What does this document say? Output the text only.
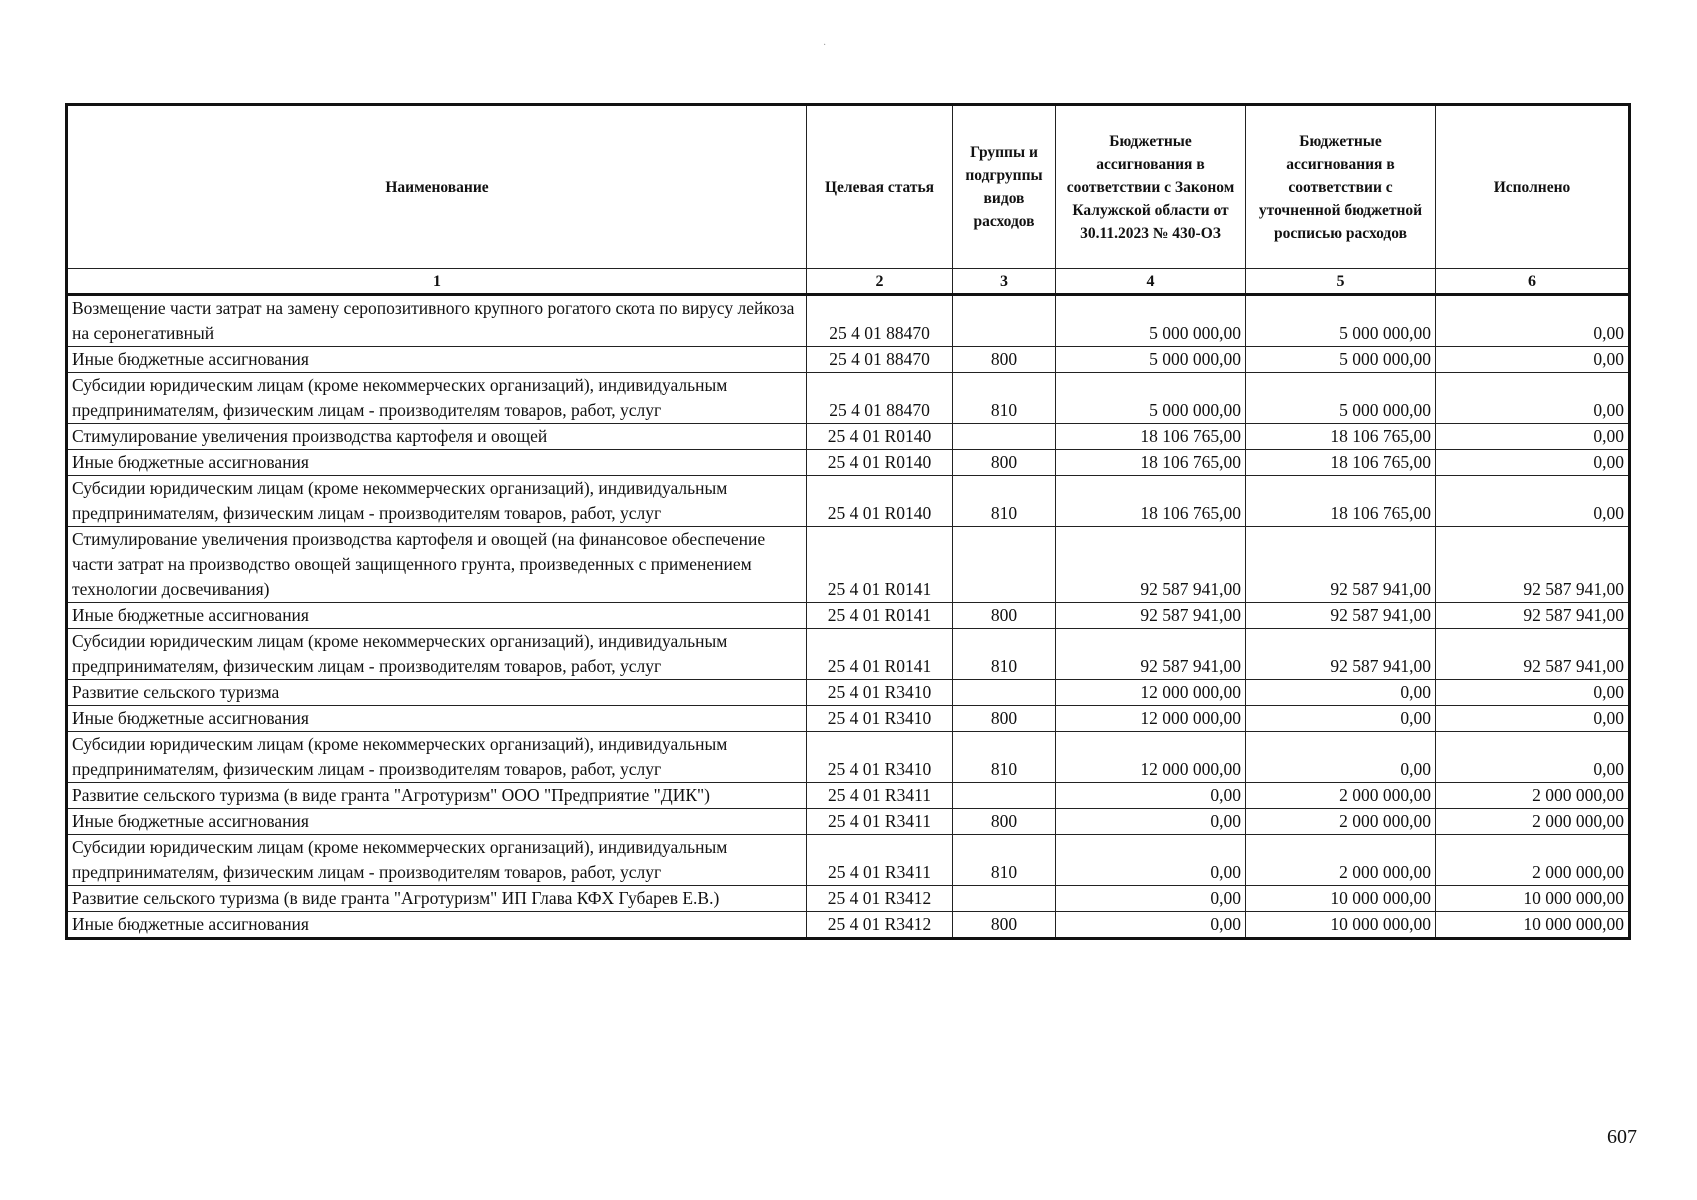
·
Наименование	Целевая статья	Группы и подгруппы видов расходов	Бюджетные ассигнования в соответствии с Законом Калужской области от 30.11.2023 № 430-ОЗ	Бюджетные ассигнования в соответствии с уточненной бюджетной росписью расходов	Исполнено
1	2	3	4	5	6
Возмещение части затрат на замену серопозитивного крупного рогатого скота по вирусу лейкоза на серонегативный	25 4 01 88470		5 000 000,00	5 000 000,00	0,00
Иные бюджетные ассигнования	25 4 01 88470	800	5 000 000,00	5 000 000,00	0,00
Субсидии юридическим лицам (кроме некоммерческих организаций), индивидуальным предпринимателям, физическим лицам - производителям товаров, работ, услуг	25 4 01 88470	810	5 000 000,00	5 000 000,00	0,00
Стимулирование увеличения производства картофеля и овощей	25 4 01 R0140		18 106 765,00	18 106 765,00	0,00
Иные бюджетные ассигнования	25 4 01 R0140	800	18 106 765,00	18 106 765,00	0,00
Субсидии юридическим лицам (кроме некоммерческих организаций), индивидуальным предпринимателям, физическим лицам - производителям товаров, работ, услуг	25 4 01 R0140	810	18 106 765,00	18 106 765,00	0,00
Стимулирование увеличения производства картофеля и овощей (на финансовое обеспечение части затрат на производство овощей защищенного грунта, произведенных с применением технологии досвечивания)	25 4 01 R0141		92 587 941,00	92 587 941,00	92 587 941,00
Иные бюджетные ассигнования	25 4 01 R0141	800	92 587 941,00	92 587 941,00	92 587 941,00
Субсидии юридическим лицам (кроме некоммерческих организаций), индивидуальным предпринимателям, физическим лицам - производителям товаров, работ, услуг	25 4 01 R0141	810	92 587 941,00	92 587 941,00	92 587 941,00
Развитие сельского туризма	25 4 01 R3410		12 000 000,00	0,00	0,00
Иные бюджетные ассигнования	25 4 01 R3410	800	12 000 000,00	0,00	0,00
Субсидии юридическим лицам (кроме некоммерческих организаций), индивидуальным предпринимателям, физическим лицам - производителям товаров, работ, услуг	25 4 01 R3410	810	12 000 000,00	0,00	0,00
Развитие сельского туризма (в виде гранта "Агротуризм" ООО "Предприятие "ДИК")	25 4 01 R3411		0,00	2 000 000,00	2 000 000,00
Иные бюджетные ассигнования	25 4 01 R3411	800	0,00	2 000 000,00	2 000 000,00
Субсидии юридическим лицам (кроме некоммерческих организаций), индивидуальным предпринимателям, физическим лицам - производителям товаров, работ, услуг	25 4 01 R3411	810	0,00	2 000 000,00	2 000 000,00
Развитие сельского туризма (в виде гранта "Агротуризм" ИП Глава КФХ Губарев Е.В.)	25 4 01 R3412		0,00	10 000 000,00	10 000 000,00
Иные бюджетные ассигнования	25 4 01 R3412	800	0,00	10 000 000,00	10 000 000,00
607
